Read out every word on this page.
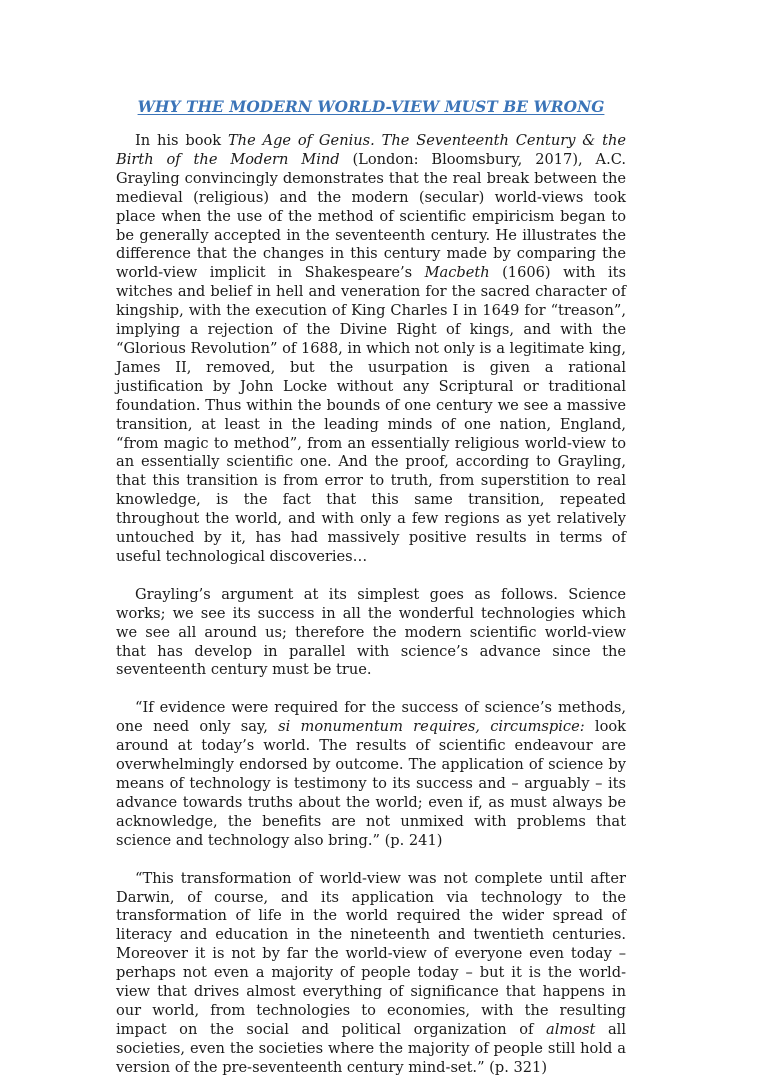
WHY THE MODERN WORLD-VIEW MUST BE WRONG

In his book The Age of Genius. The Seventeenth Century & the Birth of the Modern Mind (London: Bloomsbury, 2017), A.C. Grayling convincingly demonstrates that the real break between the medieval (religious) and the modern (secular) world-views took place when the use of the method of scientific empiricism began to be generally accepted in the seventeenth century. He illustrates the difference that the changes in this century made by comparing the world-view implicit in Shakespeare’s Macbeth (1606) with its witches and belief in hell and veneration for the sacred character of kingship, with the execution of King Charles I in 1649 for “treason”, implying a rejection of the Divine Right of kings, and with the “Glorious Revolution” of 1688, in which not only is a legitimate king, James II, removed, but the usurpation is given a rational justification by John Locke without any Scriptural or traditional foundation. Thus within the bounds of one century we see a massive transition, at least in the leading minds of one nation, England, “from magic to method”, from an essentially religious world-view to an essentially scientific one. And the proof, according to Grayling, that this transition is from error to truth, from superstition to real knowledge, is the fact that this same transition, repeated throughout the world, and with only a few regions as yet relatively untouched by it, has had massively positive results in terms of useful technological discoveries…

Grayling’s argument at its simplest goes as follows. Science works; we see its success in all the wonderful technologies which we see all around us; therefore the modern scientific world-view that has develop in parallel with science’s advance since the seventeenth century must be true.

“If evidence were required for the success of science’s methods, one need only say, si monumentum requires, circumspice: look around at today’s world. The results of scientific endeavour are overwhelmingly endorsed by outcome. The application of science by means of technology is testimony to its success and – arguably – its advance towards truths about the world; even if, as must always be acknowledge, the benefits are not unmixed with problems that science and technology also bring.” (p. 241)

“This transformation of world-view was not complete until after Darwin, of course, and its application via technology to the transformation of life in the world required the wider spread of literacy and education in the nineteenth and twentieth centuries. Moreover it is not by far the world-view of everyone even today – perhaps not even a majority of people today – but it is the world-view that drives almost everything of significance that happens in our world, from technologies to economies, with the resulting impact on the social and political organization of almost all societies, even the societies where the majority of people still hold a version of the pre-seventeenth century mind-set.” (p. 321)
